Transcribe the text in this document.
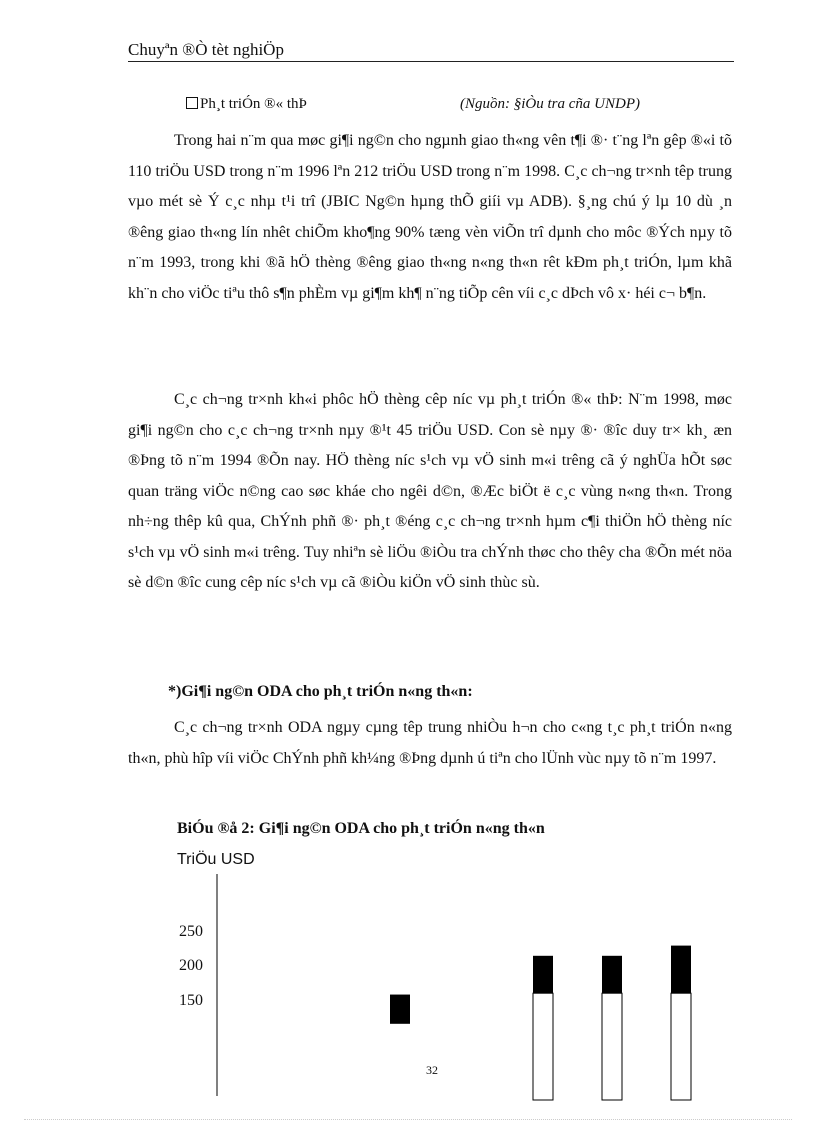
Chuyªn ®Ò tèt nghiÖp
Ph¸t triÓn ®« thÞ	(Nguồn: §iÒu tra cña UNDP)

Trong hai n¨m qua møc gi¶i ng©n cho ngµnh giao th«ng vên t¶i ®· t¨ng lªn gêp ®«i tõ 110 triÖu USD trong n¨m 1996 lªn 212 triÖu USD trong n¨m 1998. C¸c ch¬ng tr×nh têp trung vµo mét sè Ý c¸c nhµ t¹i trî (JBIC Ng©n hµng thÕ giíi vµ ADB). §¸ng chú ý lµ 10 dù ¸n ®êng giao th«ng lín nhêt chiÕm kho¶ng 90% tæng vèn viÕn trî dµnh cho môc ®Ých nµy tõ n¨m 1993, trong khi ®ã hÖ thèng ®êng giao th«ng n«ng th«n rêt kÐm ph¸t triÓn, lµm khã kh¨n cho viÖc tiªu thô s¶n phÈm vµ gi¶m kh¶ n¨ng tiÕp cên víi c¸c dÞch vô x· héi c¬ b¶n.

C¸c ch¬ng tr×nh kh«i phôc hÖ thèng cêp níc vµ ph¸t triÓn ®« thÞ: N¨m 1998, møc gi¶i ng©n cho c¸c ch¬ng tr×nh nµy ®¹t 45 triÖu USD. Con sè nµy ®· ®îc duy tr× kh¸ æn ®Þng tõ n¨m 1994 ®Õn nay. HÖ thèng níc s¹ch vµ vÖ sinh m«i trêng cã ý nghÜa hÕt søc quan träng viÖc n©ng cao søc kháe cho ngêi d©n, ®Æc biÖt ë c¸c vùng n«ng th«n. Trong nh÷ng thêp kû qua, ChÝnh phñ ®· ph¸t ®éng c¸c ch¬ng tr×nh hµm c¶i thiÖn hÖ thèng níc s¹ch vµ vÖ sinh m«i trêng. Tuy nhiªn sè liÖu ®iÒu tra chÝnh thøc cho thêy cha ®Õn mét nöa sè d©n ®îc cung cêp níc s¹ch vµ cã ®iÒu kiÖn vÖ sinh thùc sù.

*)Gi¶i ng©n ODA cho ph¸t triÓn n«ng th«n:

C¸c ch¬ng tr×nh ODA ngµy cµng têp trung nhiÒu h¬n cho c«ng t¸c ph¸t triÓn n«ng th«n, phù hîp víi viÖc ChÝnh phñ kh¼ng ®Þng dµnh ú tiªn cho lÜnh vùc nµy tõ n¨m 1997.

BiÓu ®å 2: Gi¶i ng©n ODA cho ph¸t triÓn n«ng th«n
TriÖu USD
250
200
150
32
